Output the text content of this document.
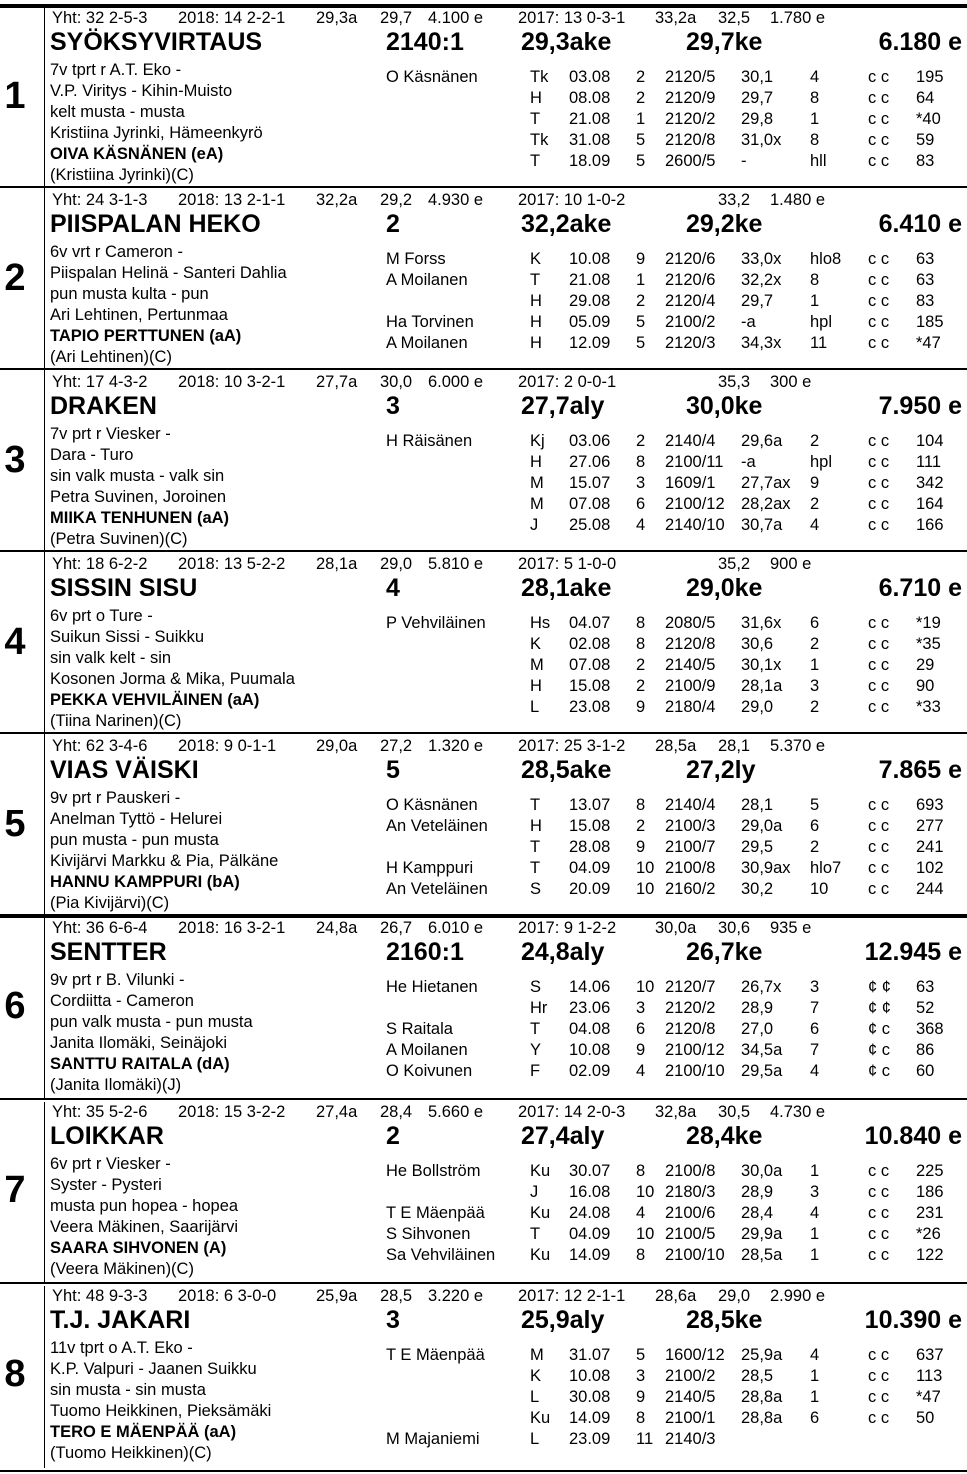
1
Yht: 32 2-5-3 2018: 14 2-2-1 29,3a 29,7 4.100 e 2017: 13 0-3-1 33,2a 32,5 1.780 e
SYÖKSYVIRTAUS	2140:1 29,3ake	29,7ke	6.180 e
7v tprt r A.T. Eko -
V.P. Viritys - Kihin-Muisto
kelt musta - musta
Kristiina Jyrinki, Hämeenkyrö
OIVA KÄSNÄNEN (eA)
(Kristiina Jyrinki)(C)
O Käsnänen	Tk 03.08 2 2120/5 30,1 4	c c 195
H 08.08 2 2120/9 29,7 8	c c 64
T 21.08 1 2120/2 29,8 1	c c *40
Tk 31.08 5 2120/8 31,0x 8	c c 59
T 18.09 5 2600/5 -	hll	c c 83
2
Yht: 24 3-1-3 2018: 13 2-1-1 32,2a 29,2 4.930 e 2017: 10 1-0-2	33,2 1.480 e
PIISPALAN HEKO	2	32,2ake	29,2ke	6.410 e
6v vrt r Cameron -
Piispalan Helinä - Santeri Dahlia
pun musta kulta - pun
Ari Lehtinen, Pertunmaa
TAPIO PERTTUNEN (aA)
(Ari Lehtinen)(C)
M Forss	K 10.08 9 2120/6 33,0x hlo8 c c 63
A Moilanen	T 21.08 1 2120/6 32,2x 8	c c 63
H 29.08 2 2120/4 29,7 1	c c 83
Ha Torvinen	H 05.09 5 2100/2 -a	hpl c c 185
A Moilanen	H 12.09 5 2120/3 34,3x 11 c c *47
3
Yht: 17 4-3-2 2018: 10 3-2-1 27,7a 30,0 6.000 e 2017: 2 0-0-1	35,3 300 e
DRAKEN	3	27,7aly	30,0ke	7.950 e
7v prt r Viesker -
Dara - Turo
sin valk musta - valk sin
Petra Suvinen, Joroinen
MIIKA TENHUNEN (aA)
(Petra Suvinen)(C)
H Räisänen	Kj 03.06 2 2140/4 29,6a 2	c c 104
H 27.06 8 2100/11 -a	hpl c c 111
M 15.07 3 1609/1 27,7ax 9	c c 342
M 07.08 6 2100/12 28,2ax 2	c c 164
J 25.08 4 2140/10 30,7a 4	c c 166
4
Yht: 18 6-2-2 2018: 13 5-2-2 28,1a 29,0 5.810 e 2017: 5 1-0-0	35,2 900 e
SISSIN SISU	4	28,1ake	29,0ke	6.710 e
6v prt o Ture -
Suikun Sissi - Suikku
sin valk kelt - sin
Kosonen Jorma & Mika, Puumala
PEKKA VEHVILÄINEN (aA)
(Tiina Narinen)(C)
P Vehviläinen	Hs 04.07 8 2080/5 31,6x 6	c c *19
K 02.08 8 2120/8 30,6 2	c c *35
M 07.08 2 2140/5 30,1x 1	c c 29
H 15.08 2 2100/9 28,1a 3	c c 90
L 23.08 9 2180/4 29,0 2	c c *33
5
Yht: 62 3-4-6 2018: 9 0-1-1 29,0a 27,2 1.320 e 2017: 25 3-1-2 28,5a 28,1 5.370 e
VIAS VÄISKI	5	28,5ake	27,2ly	7.865 e
9v prt r Pauskeri -
Anelman Tyttö - Helurei
pun musta - pun musta
Kivijärvi Markku & Pia, Pälkäne
HANNU KAMPPURI (bA)
(Pia Kivijärvi)(C)
O Käsnänen	T 13.07 8 2140/4 28,1 5	c c 693
An Veteläinen	H 15.08 2 2100/3 29,0a 6	c c 277
T 28.08 9 2100/7 29,5 2	c c 241
H Kamppuri	T 04.09 10 2100/8 30,9ax hlo7 c c 102
An Veteläinen	S 20.09 10 2160/2 30,2 10 c c 244
6
Yht: 36 6-6-4 2018: 16 3-2-1 24,8a 26,7 6.010 e 2017: 9 1-2-2 30,0a 30,6 935 e
SENTTER	2160:1 24,8aly	26,7ke	12.945 e
9v prt r B. Vilunki -
Cordiitta - Cameron
pun valk musta - pun musta
Janita Ilomäki, Seinäjoki
SANTTU RAITALA (dA)
(Janita Ilomäki)(J)
He Hietanen	S 14.06 10 2120/7 26,7x 3	¢ ¢ 63
Hr 23.06 3 2120/2 28,9 7	¢ ¢ 52
S Raitala	T 04.08 6 2120/8 27,0 6	¢ c 368
A Moilanen	Y 10.08 9 2100/12 34,5a 7	¢ c 86
O Koivunen	F 02.09 4 2100/10 29,5a 4	¢ c 60
7
Yht: 35 5-2-6 2018: 15 3-2-2 27,4a 28,4 5.660 e 2017: 14 2-0-3 32,8a 30,5 4.730 e
LOIKKAR	2	27,4aly	28,4ke	10.840 e
6v prt r Viesker -
Syster - Pysteri
musta pun hopea - hopea
Veera Mäkinen, Saarijärvi
SAARA SIHVONEN (A)
(Veera Mäkinen)(C)
He Bollström	Ku 30.07 8 2100/8 30,0a 1	c c 225
J 16.08 10 2180/3 28,9 3	c c 186
T E Mäenpää	Ku 24.08 4 2100/6 28,4 4	c c 231
S Sihvonen	T 04.09 10 2100/5 29,9a 1	c c *26
Sa Vehviläinen Ku 14.09 8 2100/10 28,5a 1	c c 122
8
Yht: 48 9-3-3 2018: 6 3-0-0 25,9a 28,5 3.220 e 2017: 12 2-1-1 28,6a 29,0 2.990 e
T.J. JAKARI	3	25,9aly	28,5ke	10.390 e
11v tprt o A.T. Eko -
K.P. Valpuri - Jaanen Suikku
sin musta - sin musta
Tuomo Heikkinen, Pieksämäki
TERO E MÄENPÄÄ (aA)
(Tuomo Heikkinen)(C)
T E Mäenpää	M 31.07 5 1600/12 25,9a 4	c c 637
K 10.08 3 2100/2 28,5 1	c c 113
L 30.08 9 2140/5 28,8a 1	c c *47
Ku 14.09 8 2100/1 28,8a 6	c c 50
M Majaniemi	L 23.09 11 2140/3
